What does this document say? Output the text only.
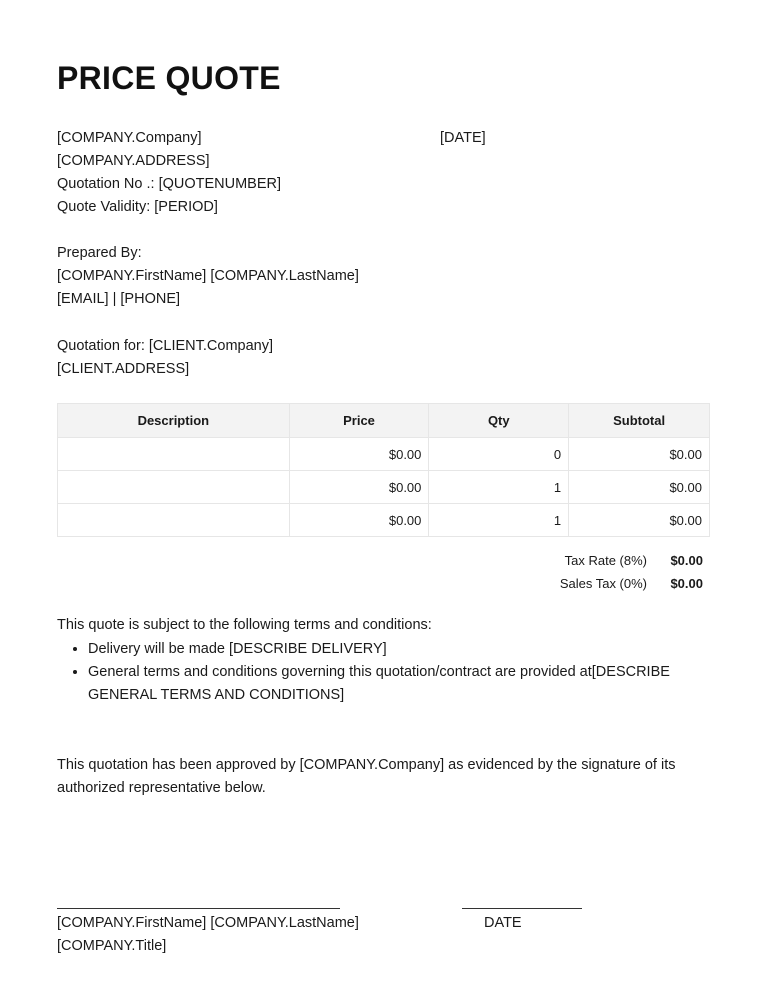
PRICE QUOTE
[COMPANY.Company]	[DATE]
[COMPANY.ADDRESS]
Quotation No .: [QUOTENUMBER]
Quote Validity: [PERIOD]
Prepared By:
[COMPANY.FirstName] [COMPANY.LastName]
[EMAIL] | [PHONE]
Quotation for: [CLIENT.Company]
[CLIENT.ADDRESS]
Description	Price	Qty	Subtotal
	$0.00	0	$0.00
	$0.00	1	$0.00
	$0.00	1	$0.00
Tax Rate (8%)	$0.00
Sales Tax (0%)	$0.00
This quote is subject to the following terms and conditions:
• Delivery will be made [DESCRIBE DELIVERY]
• General terms and conditions governing this quotation/contract are provided at[DESCRIBE GENERAL TERMS AND CONDITIONS]
This quotation has been approved by [COMPANY.Company] as evidenced by the signature of its authorized representative below.
[COMPANY.FirstName] [COMPANY.LastName]	DATE
[COMPANY.Title]
